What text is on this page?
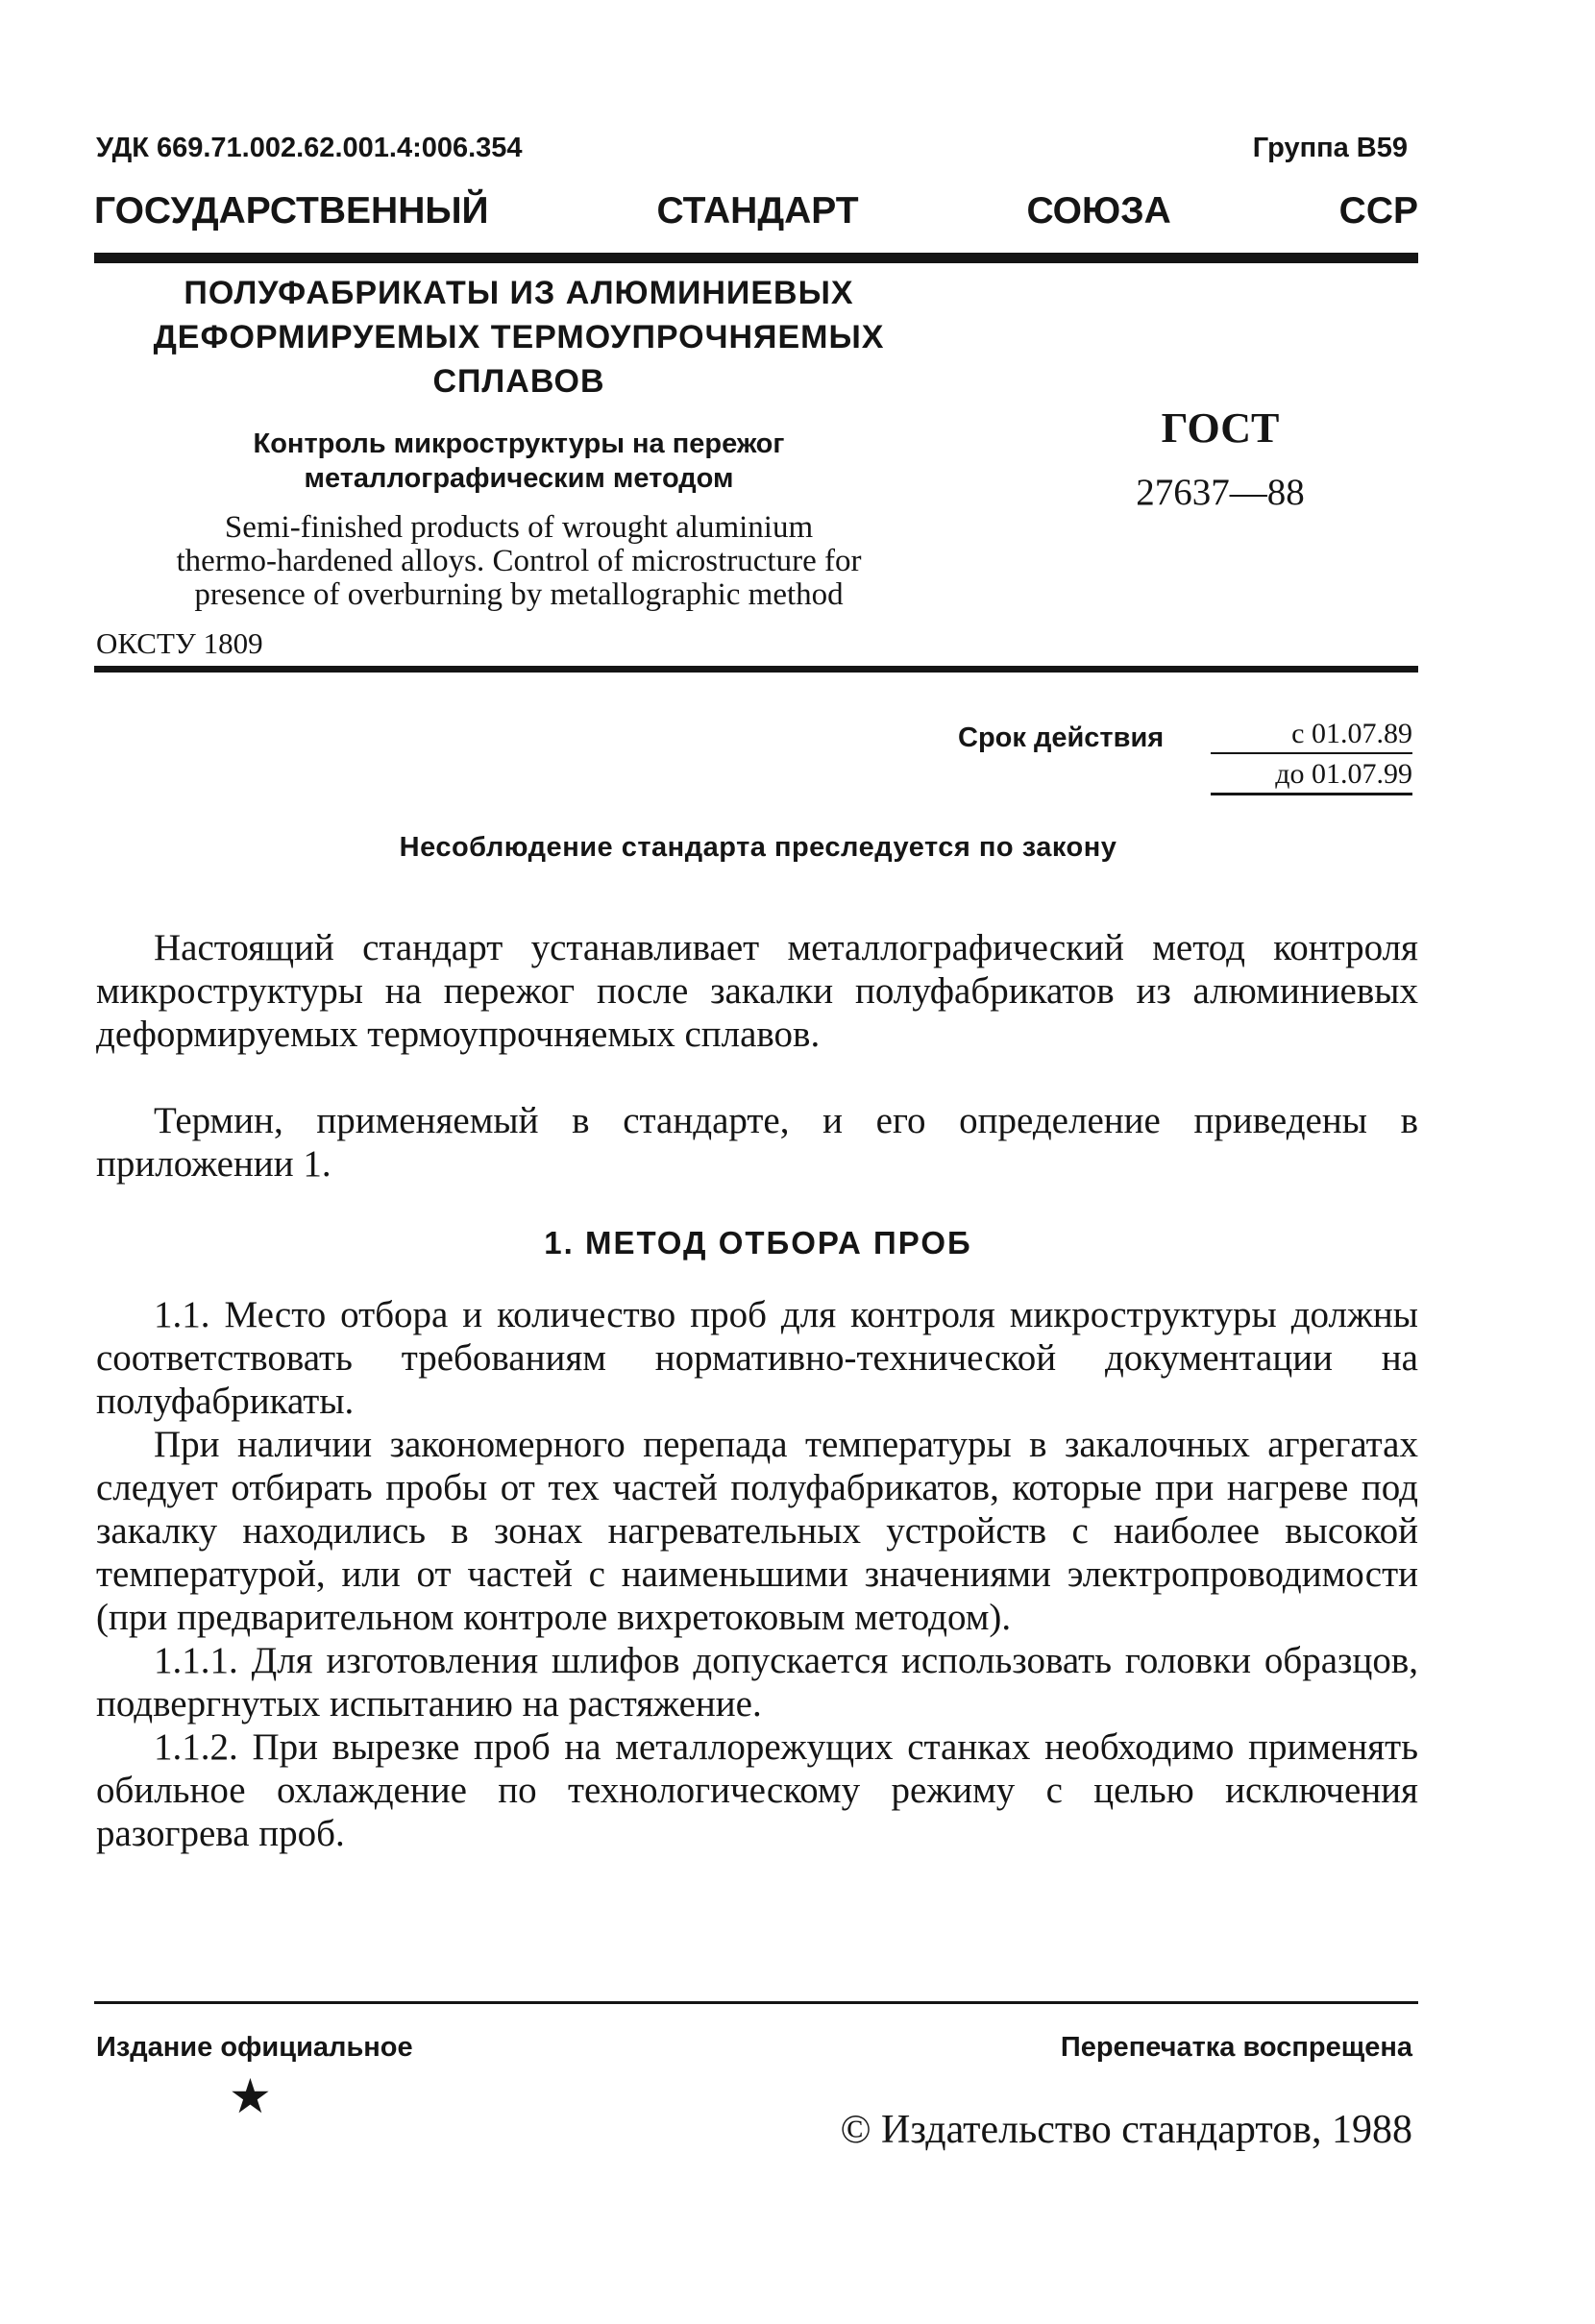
УДК 669.71.002.62.001.4:006.354	Группа В59
ГОСУДАРСТВЕННЫЙ	СТАНДАРТ	СОЮЗА	ССР
ПОЛУФАБРИКАТЫ ИЗ АЛЮМИНИЕВЫХ
ДЕФОРМИРУЕМЫХ ТЕРМОУПРОЧНЯЕМЫХ
СПЛАВОВ
Контроль микроструктуры на пережог
металлографическим методом
Semi-finished products of wrought aluminium
thermo-hardened alloys. Control of microstructure for
presence of overburning by metallographic method
ОКСТУ 1809
ГОСТ
27637—88
Срок действия	с 01.07.89
до 01.07.99
Несоблюдение стандарта преследуется по закону

Настоящий стандарт устанавливает металлографический метод контроля микроструктуры на пережог после закалки полуфабрикатов из алюминиевых деформируемых термоупрочняемых сплавов.

Термин, применяемый в стандарте, и его определение приведены в приложении 1.

1. МЕТОД ОТБОРА ПРОБ

1.1. Место отбора и количество проб для контроля микроструктуры должны соответствовать требованиям нормативно-технической документации на полуфабрикаты.

При наличии закономерного перепада температуры в закалочных агрегатах следует отбирать пробы от тех частей полуфабрикатов, которые при нагреве под закалку находились в зонах нагревательных устройств с наиболее высокой температурой, или от частей с наименьшими значениями электропроводимости (при предварительном контроле вихретоковым методом).

1.1.1. Для изготовления шлифов допускается использовать головки образцов, подвергнутых испытанию на растяжение.

1.1.2. При вырезке проб на металлорежущих станках необходимо применять обильное охлаждение по технологическому режиму с целью исключения разогрева проб.

Издание официальное	Перепечатка воспрещена
★
© Издательство стандартов, 1988
